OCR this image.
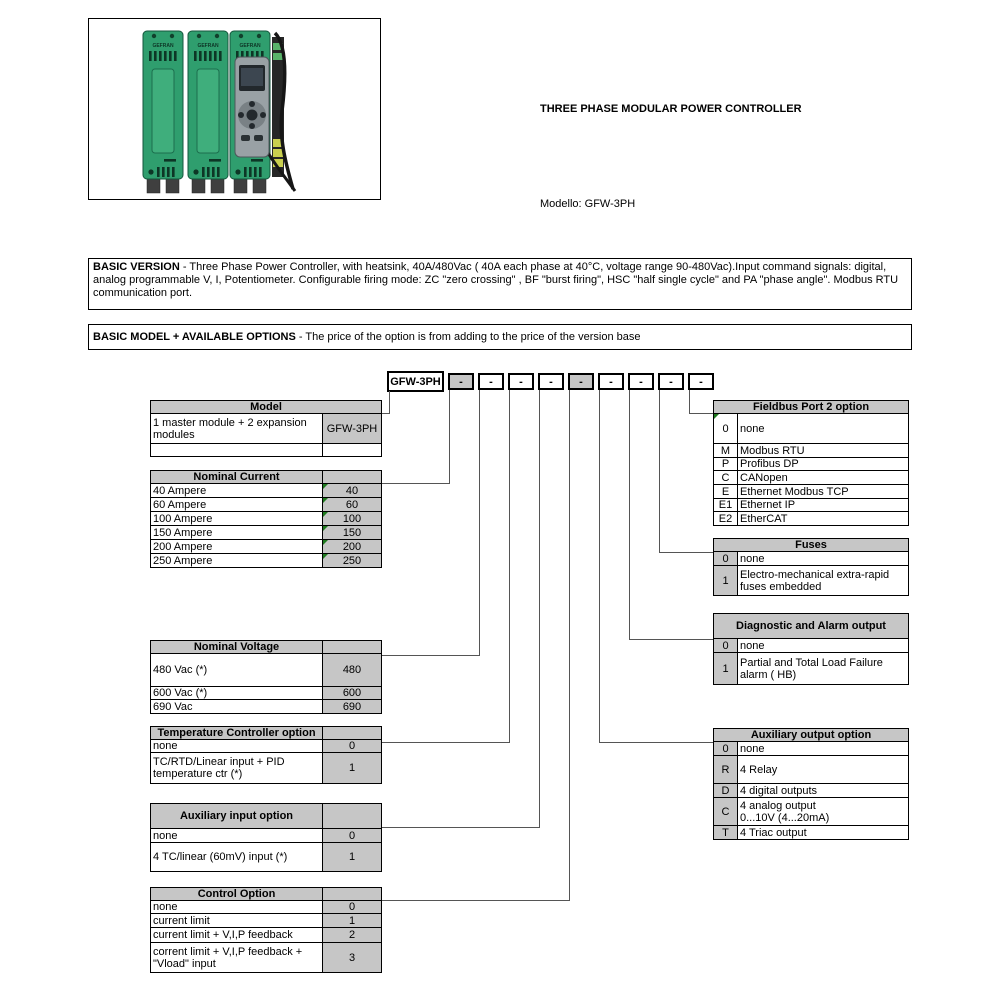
GEFRAN
THREE PHASE MODULAR POWER CONTROLLER
Modello: GFW-3PH
BASIC VERSION - Three Phase Power Controller, with heatsink, 40A/480Vac ( 40A each phase at 40°C, voltage range 90-480Vac).Input command signals: digital, analog programmable V, I, Potentiometer. Configurable firing mode: ZC "zero crossing" , BF "burst firing", HSC "half single cycle" and PA "phase angle". Modbus RTU communication port.
BASIC MODEL + AVAILABLE OPTIONS - The price of the option is from adding to the price of the version base
GFW-3PH	-	-	-	-	-	-	-	-	-
Model	
1 master module + 2 expansion modules	GFW-3PH

Nominal Current	
40 Ampere	40
60 Ampere	60
100 Ampere	100
150 Ampere	150
200 Ampere	200
250 Ampere	250
Nominal Voltage	
480 Vac (*)	480
600 Vac (*)	600
690 Vac	690
Temperature Controller option	
none	0
TC/RTD/Linear input + PID temperature ctr (*)	1
Auxiliary input option	
none	0
4 TC/linear (60mV) input (*)	1
Control Option	
none	0
current limit	1
current limit + V,I,P feedback	2
corrent limit + V,I,P feedback + "Vload" input	3
Fieldbus Port 2 option	
0	none
M	Modbus RTU
P	Profibus DP
C	CANopen
E	Ethernet Modbus TCP
E1	Ethernet IP
E2	EtherCAT
Fuses	
0	none
1	Electro-mechanical extra-rapid fuses embedded
Diagnostic and Alarm output	
0	none
1	Partial and Total Load Failure alarm ( HB)
Auxiliary output option	
0	none
R	4 Relay
D	4 digital outputs
C	4 analog output
0...10V (4...20mA)

T	4 Triac output
